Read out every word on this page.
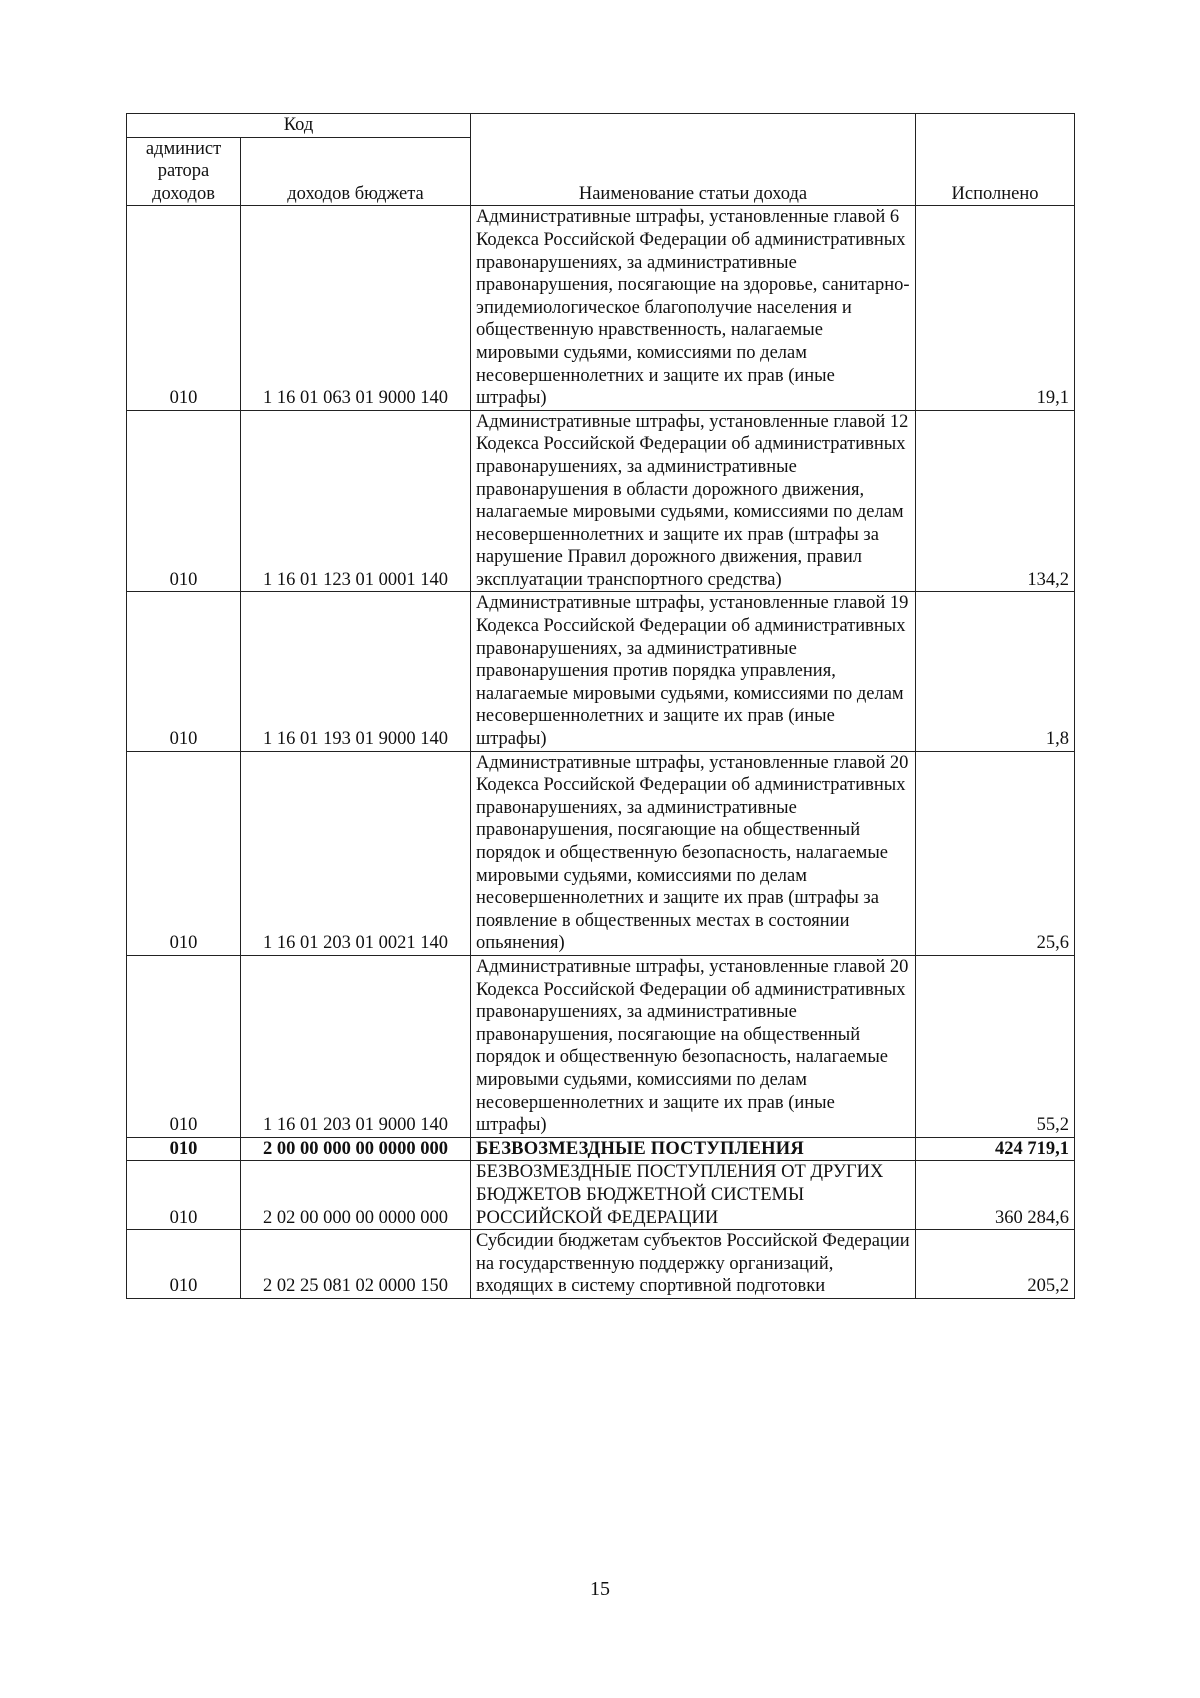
Код		Наименование статьи дохода	Исполнено
админист ратора доходов	доходов бюджета		
010	1 16 01 063 01 9000 140	Административные штрафы, установленные главой 6 Кодекса Российской Федерации об административных правонарушениях, за административные правонарушения, посягающие на здоровье, санитарно-эпидемиологическое благополучие населения и общественную нравственность, налагаемые мировыми судьями, комиссиями по делам несовершеннолетних и защите их прав (иные штрафы)	19,1
010	1 16 01 123 01 0001 140	Административные штрафы, установленные главой 12 Кодекса Российской Федерации об административных правонарушениях, за административные правонарушения в области дорожного движения, налагаемые мировыми судьями, комиссиями по делам несовершеннолетних и защите их прав (штрафы за нарушение Правил дорожного движения, правил эксплуатации транспортного средства)	134,2
010	1 16 01 193 01 9000 140	Административные штрафы, установленные главой 19 Кодекса Российской Федерации об административных правонарушениях, за административные правонарушения против порядка управления, налагаемые мировыми судьями, комиссиями по делам несовершеннолетних и защите их прав (иные штрафы)	1,8
010	1 16 01 203 01 0021 140	Административные штрафы, установленные главой 20 Кодекса Российской Федерации об административных правонарушениях, за административные правонарушения, посягающие на общественный порядок и общественную безопасность, налагаемые мировыми судьями, комиссиями по делам несовершеннолетних и защите их прав (штрафы за появление в общественных местах в состоянии опьянения)	25,6
010	1 16 01 203 01 9000 140	Административные штрафы, установленные главой 20 Кодекса Российской Федерации об административных правонарушениях, за административные правонарушения, посягающие на общественный порядок и общественную безопасность, налагаемые мировыми судьями, комиссиями по делам несовершеннолетних и защите их прав (иные штрафы)	55,2
010	2 00 00 000 00 0000 000	БЕЗВОЗМЕЗДНЫЕ ПОСТУПЛЕНИЯ	424 719,1
010	2 02 00 000 00 0000 000	БЕЗВОЗМЕЗДНЫЕ ПОСТУПЛЕНИЯ ОТ ДРУГИХ БЮДЖЕТОВ БЮДЖЕТНОЙ СИСТЕМЫ РОССИЙСКОЙ ФЕДЕРАЦИИ	360 284,6
010	2 02 25 081 02 0000 150	Субсидии бюджетам субъектов Российской Федерации на государственную поддержку организаций, входящих в систему спортивной подготовки	205,2
15
